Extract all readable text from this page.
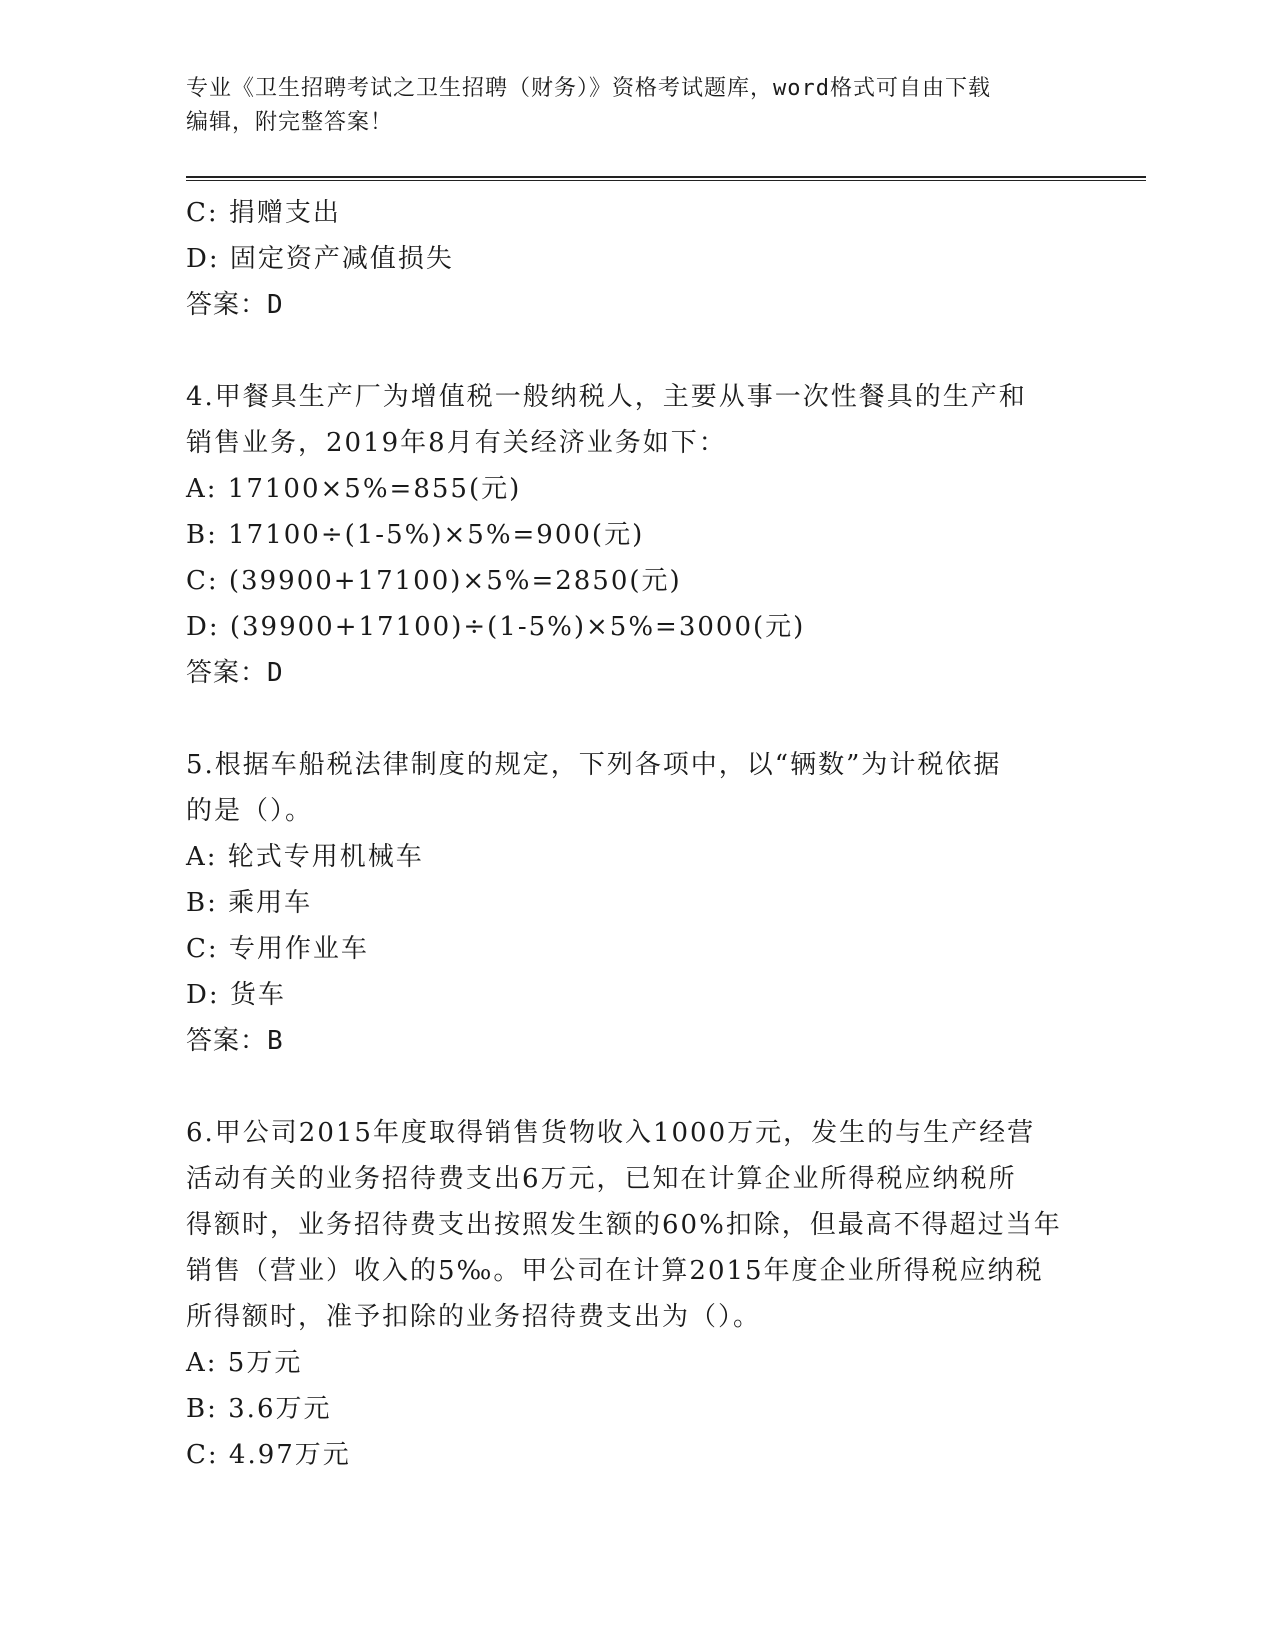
专业《卫生招聘考试之卫生招聘（财务）》资格考试题库，word格式可自由下载
编辑，附完整答案！
C: 捐赠支出
D: 固定资产减值损失
答案：D
4.甲餐具生产厂为增值税一般纳税人，主要从事一次性餐具的生产和
销售业务，2019年8月有关经济业务如下：
A: 17100×5%=855(元)
B: 17100÷(1-5%)×5%=900(元)
C: (39900+17100)×5%=2850(元)
D: (39900+17100)÷(1-5%)×5%=3000(元)
答案：D
5.根据车船税法律制度的规定，下列各项中，以“辆数”为计税依据
的是（）。
A: 轮式专用机械车
B: 乘用车
C: 专用作业车
D: 货车
答案：B
6.甲公司2015年度取得销售货物收入1000万元，发生的与生产经营
活动有关的业务招待费支出6万元，已知在计算企业所得税应纳税所
得额时，业务招待费支出按照发生额的60%扣除，但最高不得超过当年
销售（营业）收入的5‰。甲公司在计算2015年度企业所得税应纳税
所得额时，准予扣除的业务招待费支出为（）。
A: 5万元
B: 3.6万元
C: 4.97万元
